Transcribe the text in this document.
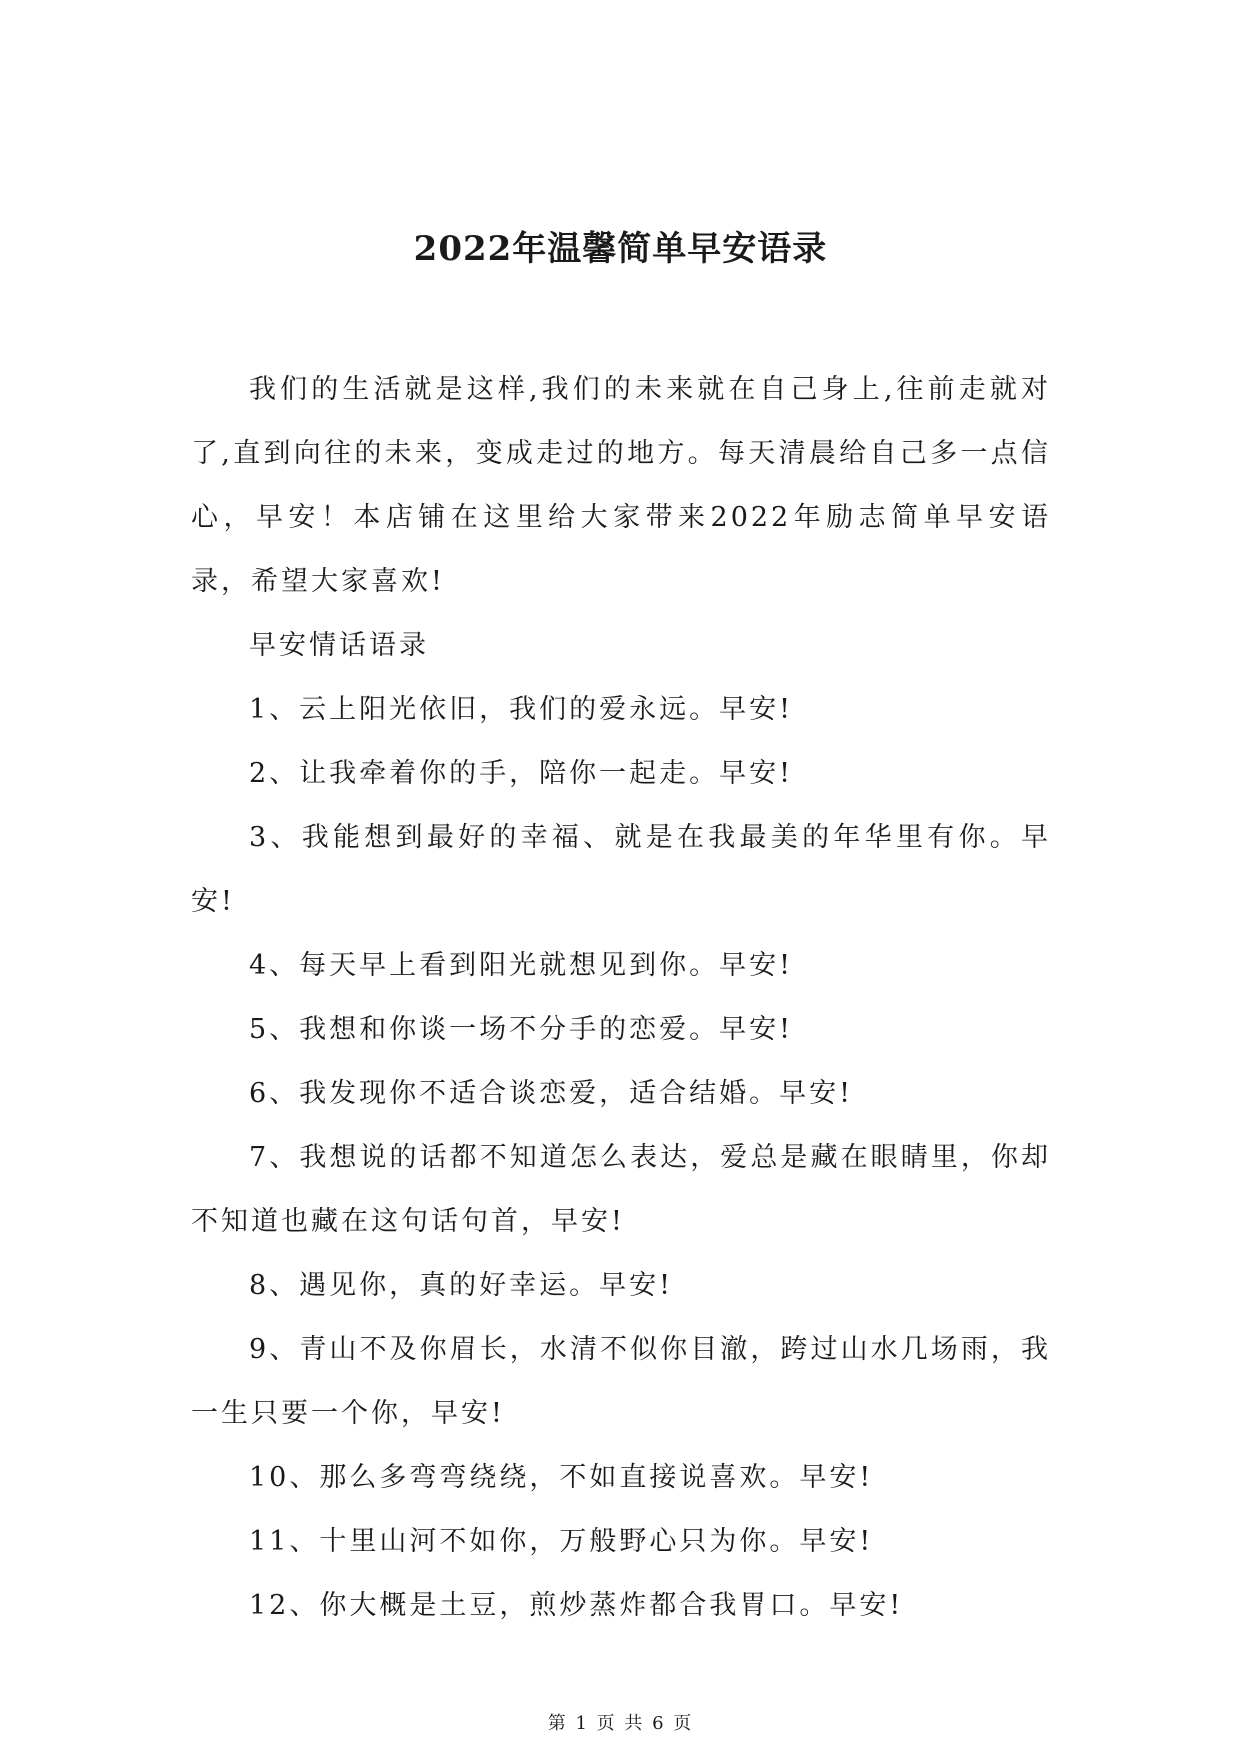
2022年温馨简单早安语录

我们的生活就是这样,我们的未来就在自己身上,往前走就对了,直到向往的未来，变成走过的地方。每天清晨给自己多一点信心，早安！本店铺在这里给大家带来2022年励志简单早安语录，希望大家喜欢!

早安情话语录

1、云上阳光依旧，我们的爱永远。早安!

2、让我牵着你的手，陪你一起走。早安!

3、我能想到最好的幸福、就是在我最美的年华里有你。早安!

4、每天早上看到阳光就想见到你。早安!

5、我想和你谈一场不分手的恋爱。早安!

6、我发现你不适合谈恋爱，适合结婚。早安!

7、我想说的话都不知道怎么表达，爱总是藏在眼睛里，你却不知道也藏在这句话句首，早安!

8、遇见你，真的好幸运。早安!

9、青山不及你眉长，水清不似你目澈，跨过山水几场雨，我一生只要一个你，早安!

10、那么多弯弯绕绕，不如直接说喜欢。早安!

11、十里山河不如你，万般野心只为你。早安!

12、你大概是土豆，煎炒蒸炸都合我胃口。早安!

第 1 页 共 6 页
